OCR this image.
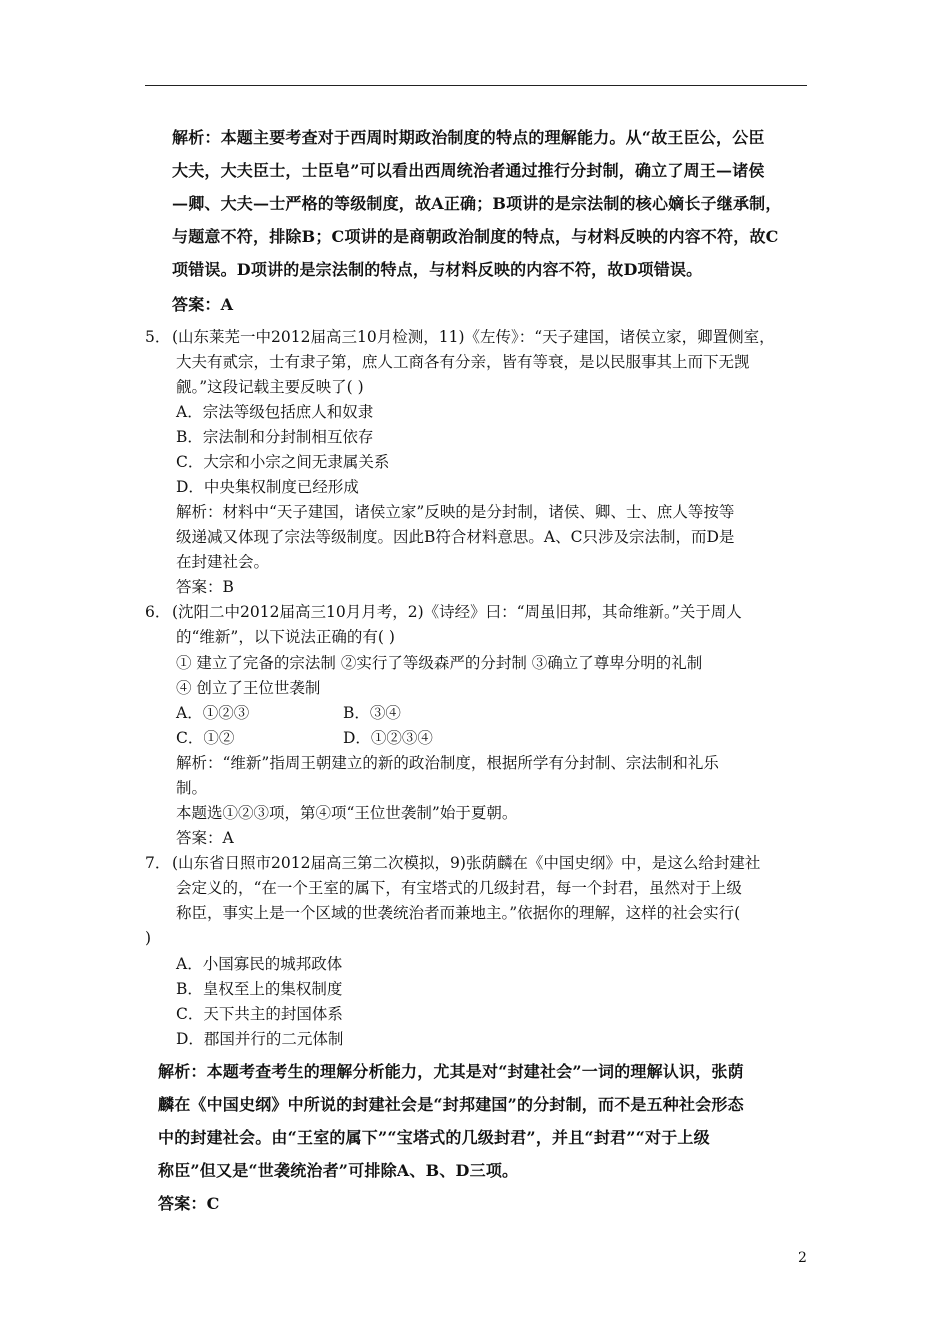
解析：本题主要考查对于西周时期政治制度的特点的理解能力。从“故王臣公，公臣
大夫，大夫臣士，士臣皂”可以看出西周统治者通过推行分封制，确立了周王—诸侯
—卿、大夫—士严格的等级制度，故A正确；B项讲的是宗法制的核心嫡长子继承制，
与题意不符，排除B；C项讲的是商朝政治制度的特点，与材料反映的内容不符，故C
项错误。D项讲的是宗法制的特点，与材料反映的内容不符，故D项错误。
答案：A
5． (山东莱芜一中2012届高三10月检测，11)《左传》：“天子建国，诸侯立家，卿置侧室，
大夫有贰宗，士有隶子第，庶人工商各有分亲，皆有等衰，是以民服事其上而下无觊
觎。”这段记载主要反映了( )
A．宗法等级包括庶人和奴隶
B．宗法制和分封制相互依存
C．大宗和小宗之间无隶属关系
D．中央集权制度已经形成
解析：材料中“天子建国，诸侯立家”反映的是分封制，诸侯、卿、士、庶人等按等
级递减又体现了宗法等级制度。因此B符合材料意思。A、C只涉及宗法制，而D是
在封建社会。
答案：B
6． (沈阳二中2012届高三10月月考，2)《诗经》曰：“周虽旧邦，其命维新。”关于周人
的“维新”，以下说法正确的有( )
① 建立了完备的宗法制 ②实行了等级森严的分封制 ③确立了尊卑分明的礼制
④ 创立了王位世袭制
A．①②③	B．③④
C．①②	D．①②③④
解析：“维新”指周王朝建立的新的政治制度，根据所学有分封制、宗法制和礼乐
制。
本题选①②③项，第④项“王位世袭制”始于夏朝。
答案：A
7． (山东省日照市2012届高三第二次模拟，9)张荫麟在《中国史纲》中，是这么给封建社
会定义的，“在一个王室的属下，有宝塔式的几级封君，每一个封君，虽然对于上级
称臣，事实上是一个区域的世袭统治者而兼地主。”依据你的理解，这样的社会实行(
)
A．小国寡民的城邦政体
B．皇权至上的集权制度
C．天下共主的封国体系
D．郡国并行的二元体制
解析：本题考查考生的理解分析能力，尤其是对“封建社会”一词的理解认识，张荫
麟在《中国史纲》中所说的封建社会是“封邦建国”的分封制，而不是五种社会形态
中的封建社会。由“王室的属下”“宝塔式的几级封君”，并且“封君”“对于上级
称臣”但又是“世袭统治者”可排除A、B、D三项。
答案：C
2
